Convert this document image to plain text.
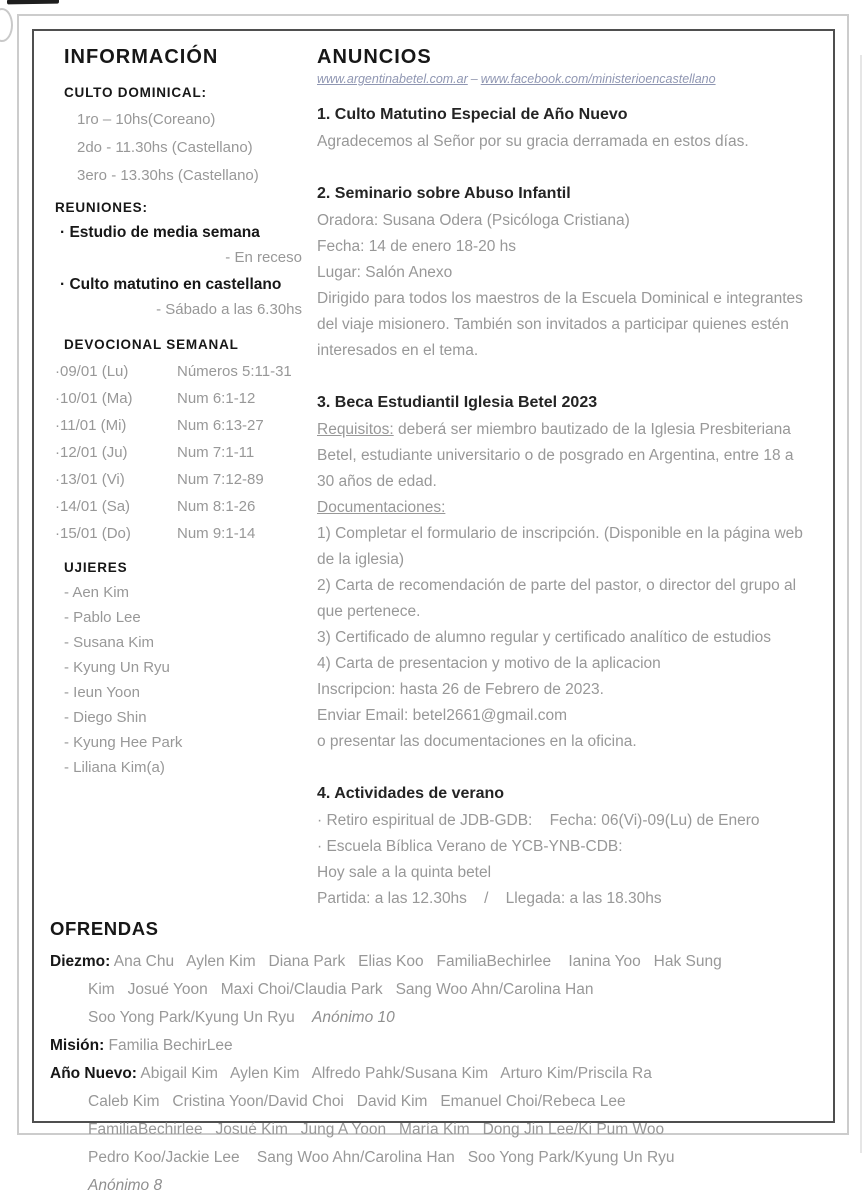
INFORMACIÓN
CULTO DOMINICAL:
1ro – 10hs(Coreano)
2do - 11.30hs (Castellano)
3ero - 13.30hs (Castellano)
REUNIONES:
· Estudio de media semana
- En receso
· Culto matutino en castellano
- Sábado a las 6.30hs
DEVOCIONAL SEMANAL
·09/01 (Lu)	Números 5:11-31
·10/01 (Ma)	Num 6:1-12
·11/01 (Mi)	Num 6:13-27
·12/01 (Ju)	Num 7:1-11
·13/01 (Vi)	Num 7:12-89
·14/01 (Sa)	Num 8:1-26
·15/01 (Do)	Num 9:1-14
UJIERES
- Aen Kim
- Pablo Lee
- Susana Kim
- Kyung Un Ryu
- Ieun Yoon
- Diego Shin
- Kyung Hee Park
- Liliana Kim(a)
ANUNCIOS
www.argentinabetel.com.ar – www.facebook.com/ministerioencastellano
1. Culto Matutino Especial de Año Nuevo

Agradecemos al Señor por su gracia derramada en estos días.

2. Seminario sobre Abuso Infantil
Oradora: Susana Odera (Psicóloga Cristiana)
Fecha: 14 de enero 18-20 hs
Lugar: Salón Anexo

Dirigido para todos los maestros de la Escuela Dominical e integrantes del viaje misionero. También son invitados a participar quienes estén interesados en el tema.

3. Beca Estudiantil Iglesia Betel 2023

Requisitos: deberá ser miembro bautizado de la Iglesia Presbiteriana Betel, estudiante universitario o de posgrado en Argentina, entre 18 a 30 años de edad.

Documentaciones:

1) Completar el formulario de inscripción. (Disponible en la página web de la iglesia)

2) Carta de recomendación de parte del pastor, o director del grupo al que pertenece.

3) Certificado de alumno regular y certificado analítico de estudios

4) Carta de presentacion y motivo de la aplicacion

Inscripcion: hasta 26 de Febrero de 2023.

Enviar Email: betel2661@gmail.com

o presentar las documentaciones en la oficina.

4. Actividades de verano
· Retiro espiritual de JDB-GDB:    Fecha: 06(Vi)-09(Lu) de Enero
· Escuela Bíblica Verano de YCB-YNB-CDB:
Hoy sale a la quinta betel
Partida: a las 12.30hs    /    Llegada: a las 18.30hs
OFRENDAS
Diezmo: Ana Chu   Aylen Kim   Diana Park   Elias Koo   FamiliaBechirlee    Ianina Yoo   Hak Sung
Kim   Josué Yoon   Maxi Choi/Claudia Park   Sang Woo Ahn/Carolina Han
Soo Yong Park/Kyung Un Ryu    Anónimo 10
Misión: Familia BechirLee
Año Nuevo: Abigail Kim   Aylen Kim   Alfredo Pahk/Susana Kim   Arturo Kim/Priscila Ra
Caleb Kim   Cristina Yoon/David Choi   David Kim   Emanuel Choi/Rebeca Lee
FamiliaBechirlee   Josué Kim   Jung A Yoon   María Kim   Dong Jin Lee/Ki Pum Woo
Pedro Koo/Jackie Lee    Sang Woo Ahn/Carolina Han   Soo Yong Park/Kyung Un Ryu
Anónimo 8
